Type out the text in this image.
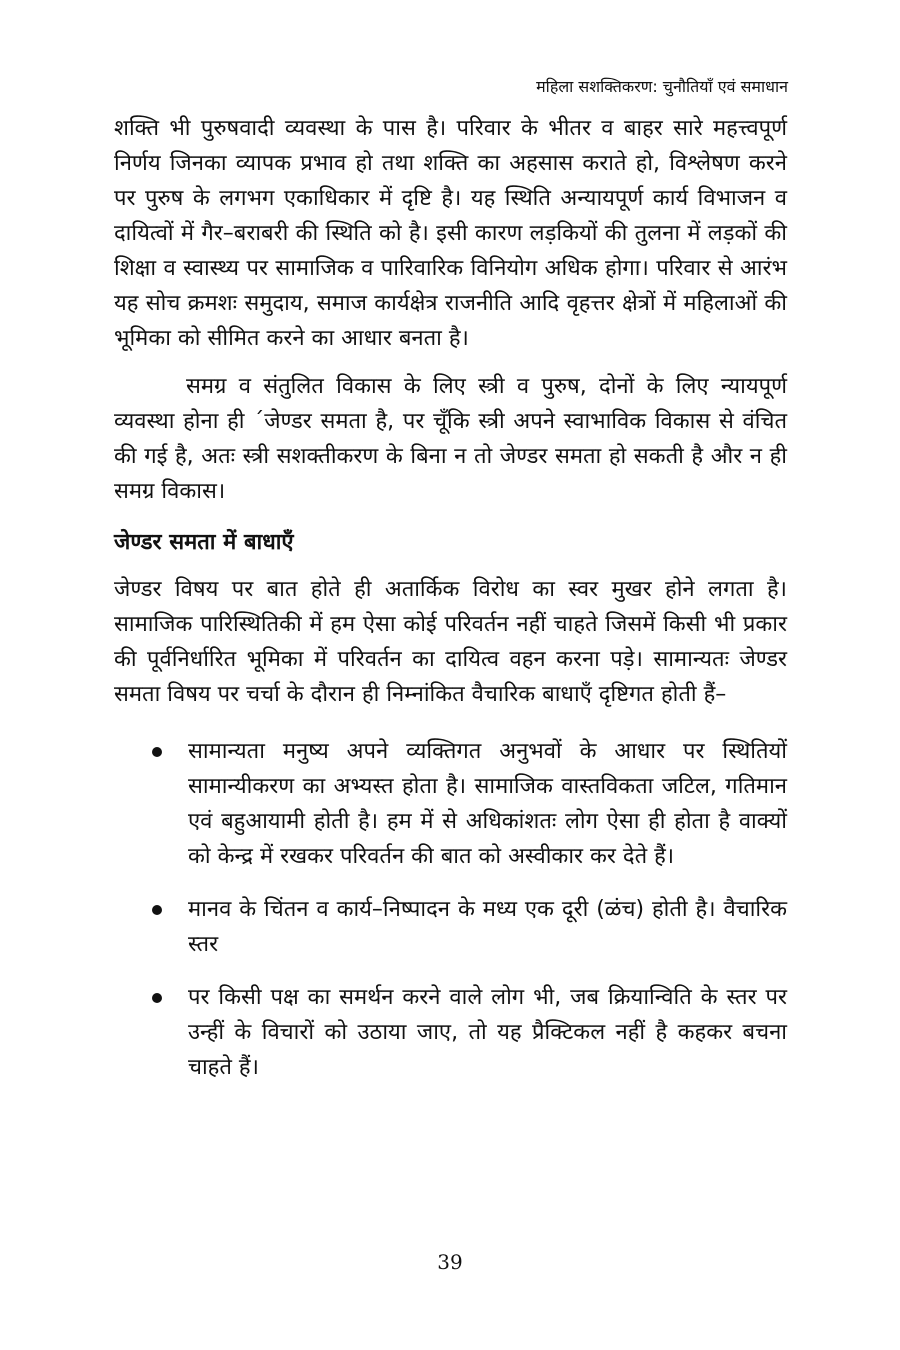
महिला सशक्तिकरण: चुनौतियाँ एवं समाधान

शक्ति भी पुरुषवादी व्यवस्था के पास है। परिवार के भीतर व बाहर सारे महत्त्वपूर्ण निर्णय जिनका व्यापक प्रभाव हो तथा शक्ति का अहसास कराते हो, विश्लेषण करने पर पुरुष के लगभग एकाधिकार में दृष्टि है। यह स्थिति अन्यायपूर्ण कार्य विभाजन व दायित्वों में गैर–बराबरी की स्थिति को है। इसी कारण लड़कियों की तुलना में लड़कों की शिक्षा व स्वास्थ्य पर सामाजिक व पारिवारिक विनियोग अधिक होगा। परिवार से आरंभ यह सोच क्रमशः समुदाय, समाज कार्यक्षेत्र राजनीति आदि वृहत्तर क्षेत्रों में महिलाओं की भूमिका को सीमित करने का आधार बनता है।

समग्र व संतुलित विकास के लिए स्त्री व पुरुष, दोनों के लिए न्यायपूर्ण व्यवस्था होना ही ´जेण्डर समता है, पर चूँकि स्त्री अपने स्वाभाविक विकास से वंचित की गई है, अतः स्त्री सशक्तीकरण के बिना न तो जेण्डर समता हो सकती है और न ही समग्र विकास।

जेण्डर समता में बाधाएँ

जेण्डर विषय पर बात होते ही अतार्किक विरोध का स्वर मुखर होने लगता है। सामाजिक पारिस्थितिकी में हम ऐसा कोई परिवर्तन नहीं चाहते जिसमें किसी भी प्रकार की पूर्वनिर्धारित भूमिका में परिवर्तन का दायित्व वहन करना पड़े। सामान्यतः जेण्डर समता विषय पर चर्चा के दौरान ही निम्नांकित वैचारिक बाधाएँ दृष्टिगत होती हैं–

सामान्यता मनुष्य अपने व्यक्तिगत अनुभवों के आधार पर स्थितियों सामान्यीकरण का अभ्यस्त होता है। सामाजिक वास्तविकता जटिल, गतिमान एवं बहुआयामी होती है। हम में से अधिकांशतः लोग ऐसा ही होता है वाक्यों को केन्द्र में रखकर परिवर्तन की बात को अस्वीकार कर देते हैं।
मानव के चिंतन व कार्य–निष्पादन के मध्य एक दूरी (ळंच) होती है। वैचारिक स्तर
पर किसी पक्ष का समर्थन करने वाले लोग भी, जब क्रियान्विति के स्तर पर उन्हीं के विचारों को उठाया जाए, तो यह प्रैक्टिकल नहीं है कहकर बचना चाहते हैं।
39
